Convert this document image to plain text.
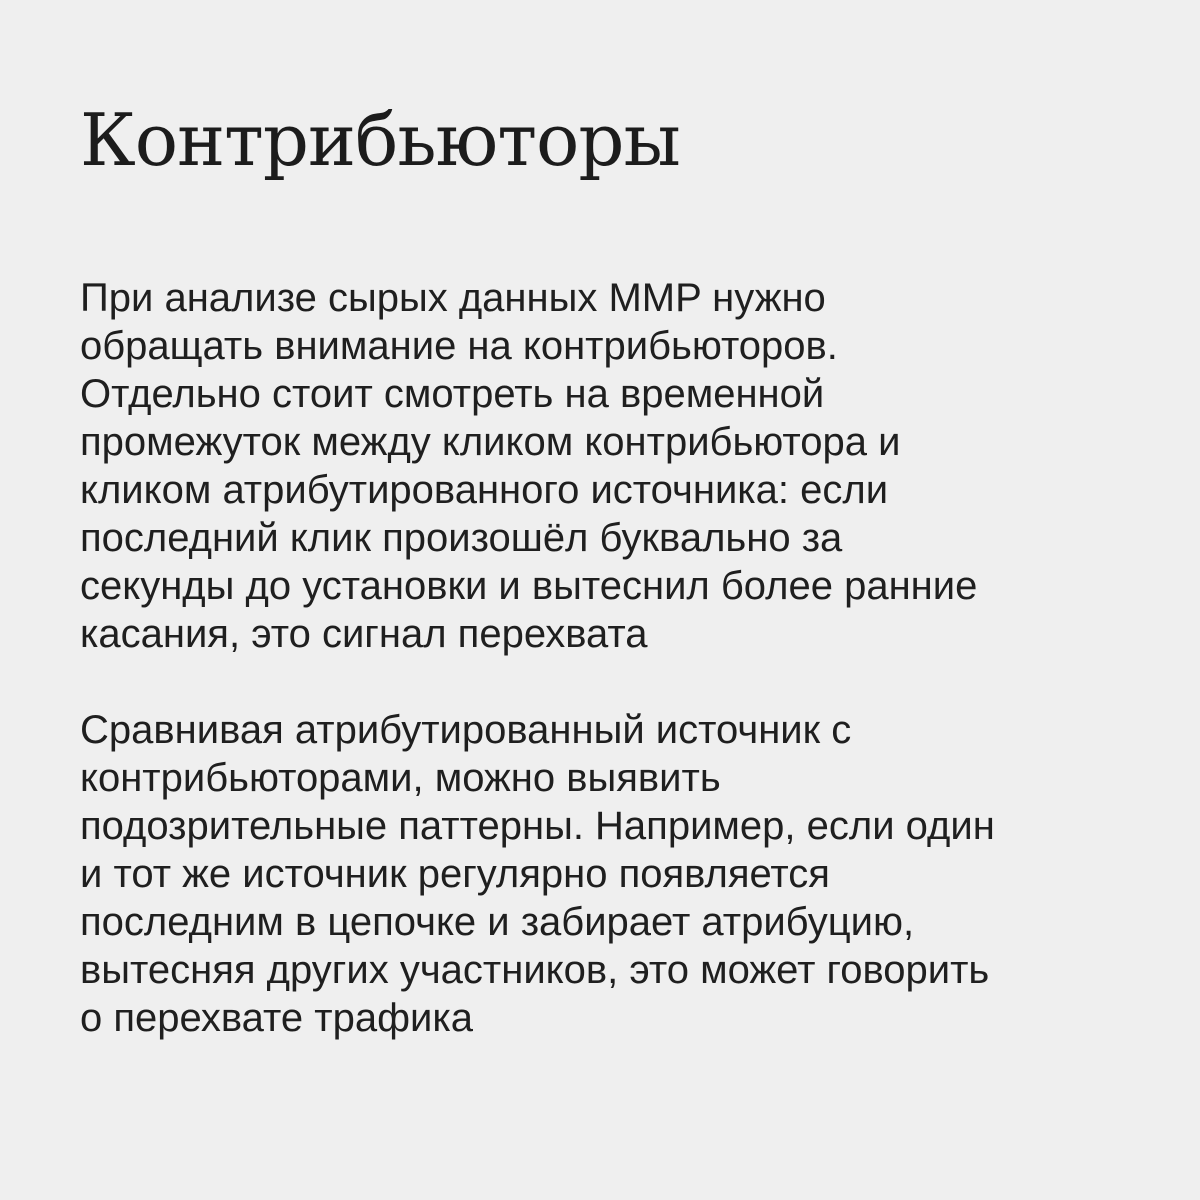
Контрибьюторы

При анализе сырых данных MMP нужно
обращать внимание на контрибьюторов.
Отдельно стоит смотреть на временной
промежуток между кликом контрибьютора и
кликом атрибутированного источника: если
последний клик произошёл буквально за
секунды до установки и вытеснил более ранние
касания, это сигнал перехвата

Сравнивая атрибутированный источник с
контрибьюторами, можно выявить
подозрительные паттерны. Например, если один
и тот же источник регулярно появляется
последним в цепочке и забирает атрибуцию,
вытесняя других участников, это может говорить
о перехвате трафика
